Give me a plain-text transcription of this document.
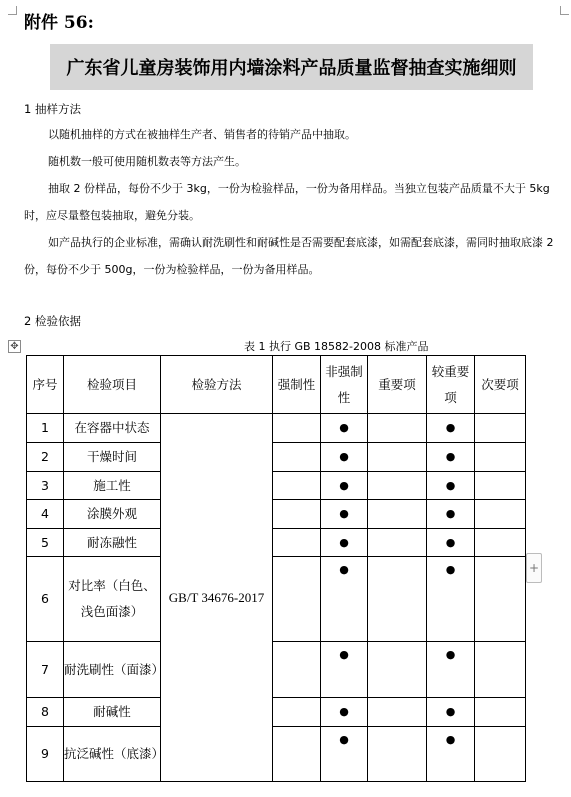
附件 56:
广东省儿童房装饰用内墙涂料产品质量监督抽查实施细则
1 抽样方法
以随机抽样的方式在被抽样生产者、销售者的待销产品中抽取。
随机数一般可使用随机数表等方法产生。
抽取 2 份样品，每份不少于 3kg，一份为检验样品，一份为备用样品。当独立包装产品质量不大于 5kg 时，应尽量整包装抽取，避免分装。
如产品执行的企业标准，需确认耐洗刷性和耐碱性是否需要配套底漆，如需配套底漆，需同时抽取底漆 2 份，每份不少于 500g，一份为检验样品，一份为备用样品。
2 检验依据
✥	表 1 执行 GB 18582-2008 标准产品
序号	检验项目	检验方法	强制性	非强制性	重要项	较重要项	次要项
1	在容器中状态	GB/T 34676-2017		●		●	
2	干燥时间			●		●	
3	施工性			●		●	
4	涂膜外观			●		●	
5	耐冻融性			●		●	
6	对比率（白色、浅色面漆）			●		●	
7	耐洗刷性（面漆）			●		●	
8	耐碱性			●		●	
9	抗泛碱性（底漆）			●		●	
+
